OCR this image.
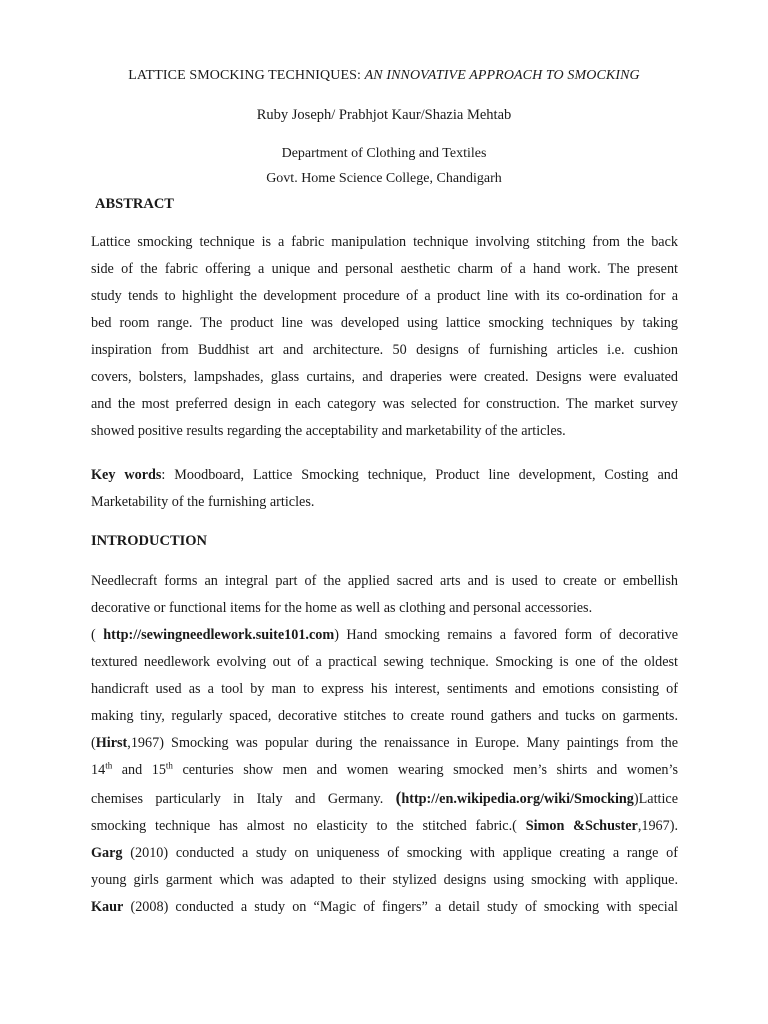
LATTICE SMOCKING TECHNIQUES: AN INNOVATIVE APPROACH TO SMOCKING
Ruby Joseph/ Prabhjot Kaur/Shazia Mehtab
Department of Clothing and Textiles
Govt. Home Science College, Chandigarh
ABSTRACT
Lattice smocking technique is a fabric manipulation technique involving stitching from the back
side of the fabric offering a unique and personal aesthetic charm of a hand work. The present
study tends to highlight the development procedure of a product line with its co-ordination for a
bed room range. The product line was developed using lattice smocking techniques by taking
inspiration from Buddhist art and architecture. 50 designs of furnishing articles i.e. cushion
covers, bolsters, lampshades, glass curtains, and draperies were created. Designs were evaluated
and the most preferred design in each category was selected for construction. The market survey
showed positive results regarding the acceptability and marketability of the articles.
Key words: Moodboard, Lattice Smocking technique, Product line development, Costing and
Marketability of the furnishing articles.
INTRODUCTION
Needlecraft forms an integral part of the applied sacred arts and is used to create or embellish
decorative or functional items for the home as well as clothing and personal accessories.
( http://sewingneedlework.suite101.com) Hand smocking remains a favored form of decorative
textured needlework evolving out of a practical sewing technique. Smocking is one of the oldest
handicraft used as a tool by man to express his interest, sentiments and emotions consisting of
making tiny, regularly spaced, decorative stitches to create round gathers and tucks on garments.
(Hirst,1967) Smocking was popular during the renaissance in Europe. Many paintings from the
14th and 15th centuries show men and women wearing smocked men’s shirts and women’s
chemises particularly in Italy and Germany. (http://en.wikipedia.org/wiki/Smocking)Lattice
smocking technique has almost no elasticity to the stitched fabric.( Simon &Schuster,1967).
Garg (2010) conducted a study on uniqueness of smocking with applique creating a range of
young girls garment which was adapted to their stylized designs using smocking with applique.
Kaur (2008) conducted a study on “Magic of fingers” a detail study of smocking with special
